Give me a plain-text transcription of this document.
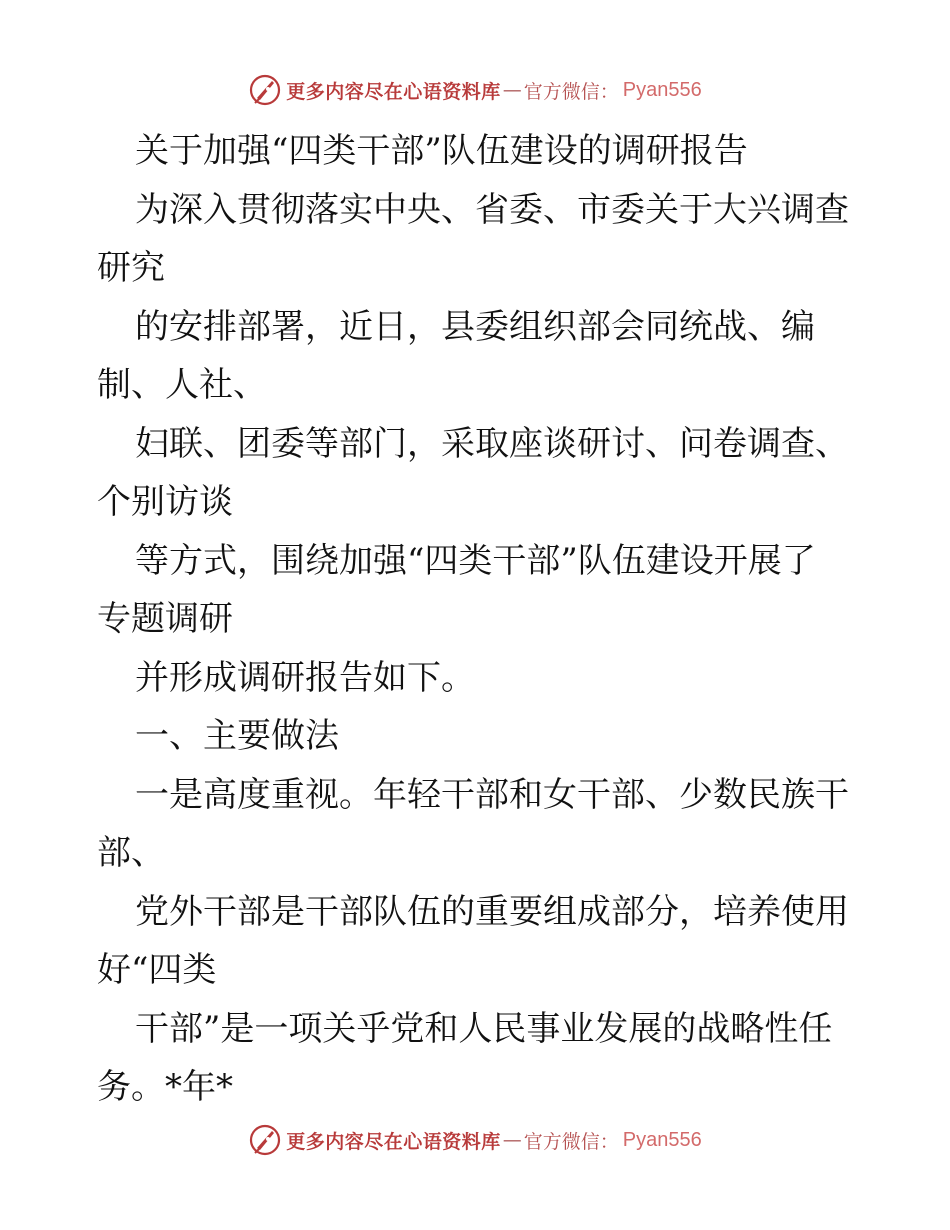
更多内容尽在心语资料库 — 官方微信 ： Pyan556
关于加强“四类干部”队伍建设的调研报告
为深入贯彻落实中央、省委、市委关于大兴调查
研究
的安排部署，近日，县委组织部会同统战、编
制、人社、
妇联、团委等部门，采取座谈研讨、问卷调查、
个别访谈
等方式，围绕加强“四类干部”队伍建设开展了
专题调研
并形成调研报告如下。
一、主要做法
一是高度重视。年轻干部和女干部、少数民族干
部、
党外干部是干部队伍的重要组成部分，培养使用
好“四类
干部”是一项关乎党和人民事业发展的战略性任
务。*年*
更多内容尽在心语资料库 — 官方微信 ： Pyan556
